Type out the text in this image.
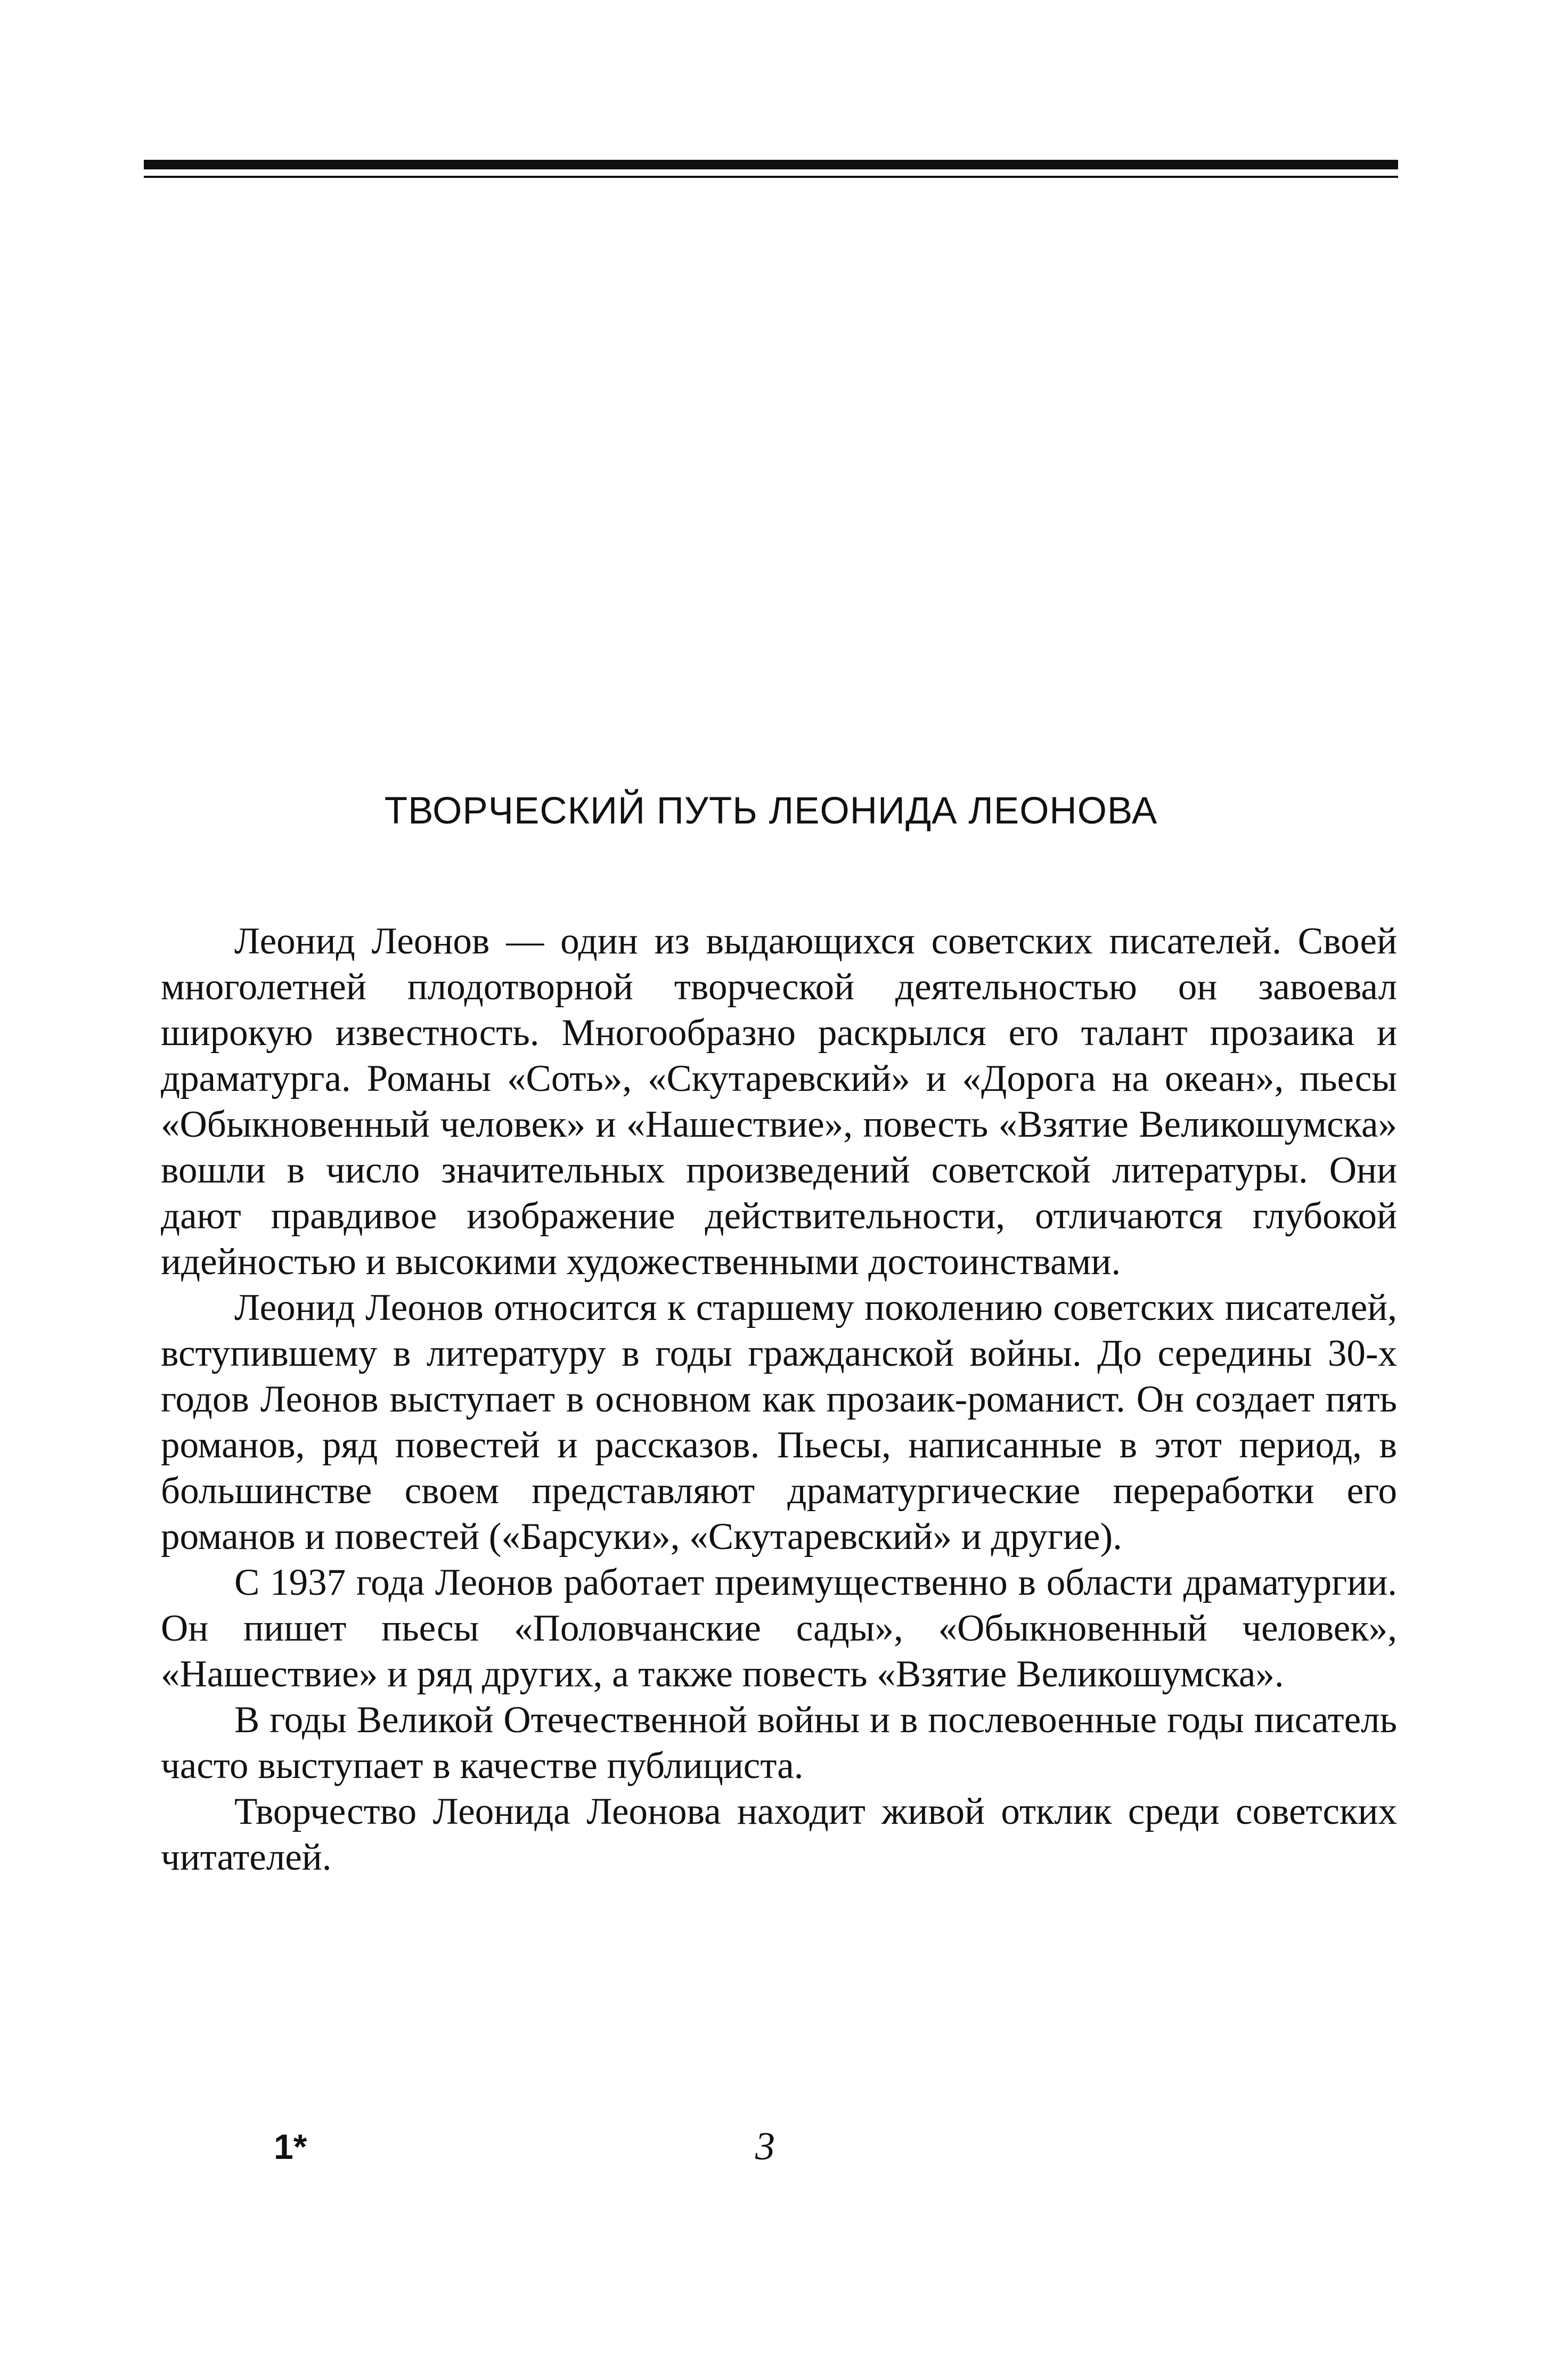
ТВОРЧЕСКИЙ ПУТЬ ЛЕОНИДА ЛЕОНОВА

Леонид Леонов — один из выдающихся советских писателей. Своей многолетней плодотворной творческой деятельностью он завоевал широкую известность. Многообразно раскрылся его талант прозаика и драматурга. Романы «Соть», «Скутаревский» и «Дорога на океан», пьесы «Обыкновенный человек» и «Нашествие», повесть «Взятие Великошумска» вошли в число значительных произведений советской литературы. Они дают правдивое изображение действительности, отличаются глубокой идейностью и высокими художественными достоинствами.

Леонид Леонов относится к старшему поколению советских писателей, вступившему в литературу в годы гражданской войны. До середины 30-х годов Леонов выступает в основном как прозаик-романист. Он создает пять романов, ряд повестей и рассказов. Пьесы, написанные в этот период, в большинстве своем представляют драматургические переработки его романов и повестей («Барсуки», «Скутаревский» и другие).

С 1937 года Леонов работает преимущественно в области драматургии. Он пишет пьесы «Половчанские сады», «Обыкновенный человек», «Нашествие» и ряд других, а также повесть «Взятие Великошумска».

В годы Великой Отечественной войны и в послевоенные годы писатель часто выступает в качестве публициста.

Творчество Леонида Леонова находит живой отклик среди советских читателей.

1*	3
